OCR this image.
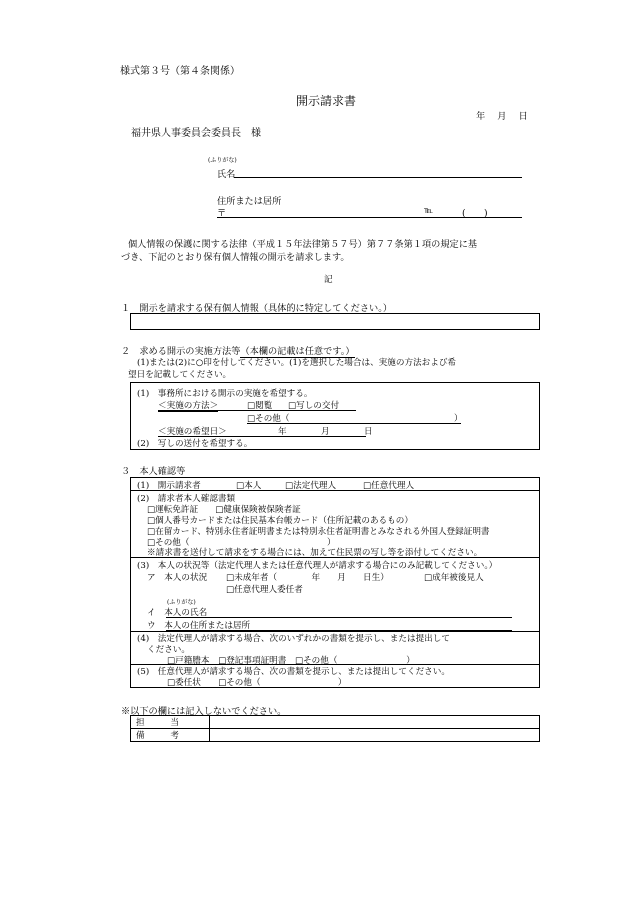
様式第３号（第４条関係）
開示請求書
年　 月　 日
福井県人事委員会委員長　様
(ふりがな)
氏名
住所または居所
〒	℡	(　　)
個人情報の保護に関する法律（平成１５年法律第５７号）第７７条第１項の規定に基
づき、下記のとおり保有個人情報の開示を請求します。
記
１　開示を請求する保有個人情報（具体的に特定してください。）
２　求める開示の実施方法等（本欄の記載は任意です。）
(1)または(2)に○印を付してください。(1)を選択した場合は、実施の方法および希
望日を記載してください。
(1)　事務所における開示の実施を希望する。
＜実施の方法＞	□閲覧 □写しの交付
□その他（	）
＜実施の希望日＞	年　　　　月　　　　日
(2)　写しの送付を希望する。
３　本人確認等
(1)　開示請求者	□本人	□法定代理人	□任意代理人
(2)　請求者本人確認書類
□運転免許証　　□健康保険被保険者証
□個人番号カードまたは住民基本台帳カード（住所記載のあるもの）
□在留カード、特別永住者証明書または特別永住者証明書とみなされる外国人登録証明書
□その他（　　　　　　　　　　　　　　　　）
※請求書を送付して請求をする場合には、加えて住民票の写し等を添付してください。
(3)　本人の状況等（法定代理人または任意代理人が請求する場合にのみ記載してください。）
ア　本人の状況 □未成年者（　　　　年　　月　　日生）	□成年被後見人
□任意代理人委任者
(ふりがな)
イ　本人の氏名
ウ　本人の住所または居所
(4)　法定代理人が請求する場合、次のいずれかの書類を提示し、または提出して
ください。
□戸籍謄本　□登記事項証明書　□その他（　　　　　　　　）
(5)　任意代理人が請求する場合、次の書類を提示し、または提出してください。
□委任状　　□その他（　　　　　　　　　）
※以下の欄には記入しないでください。
担　　　当
備　　　考
